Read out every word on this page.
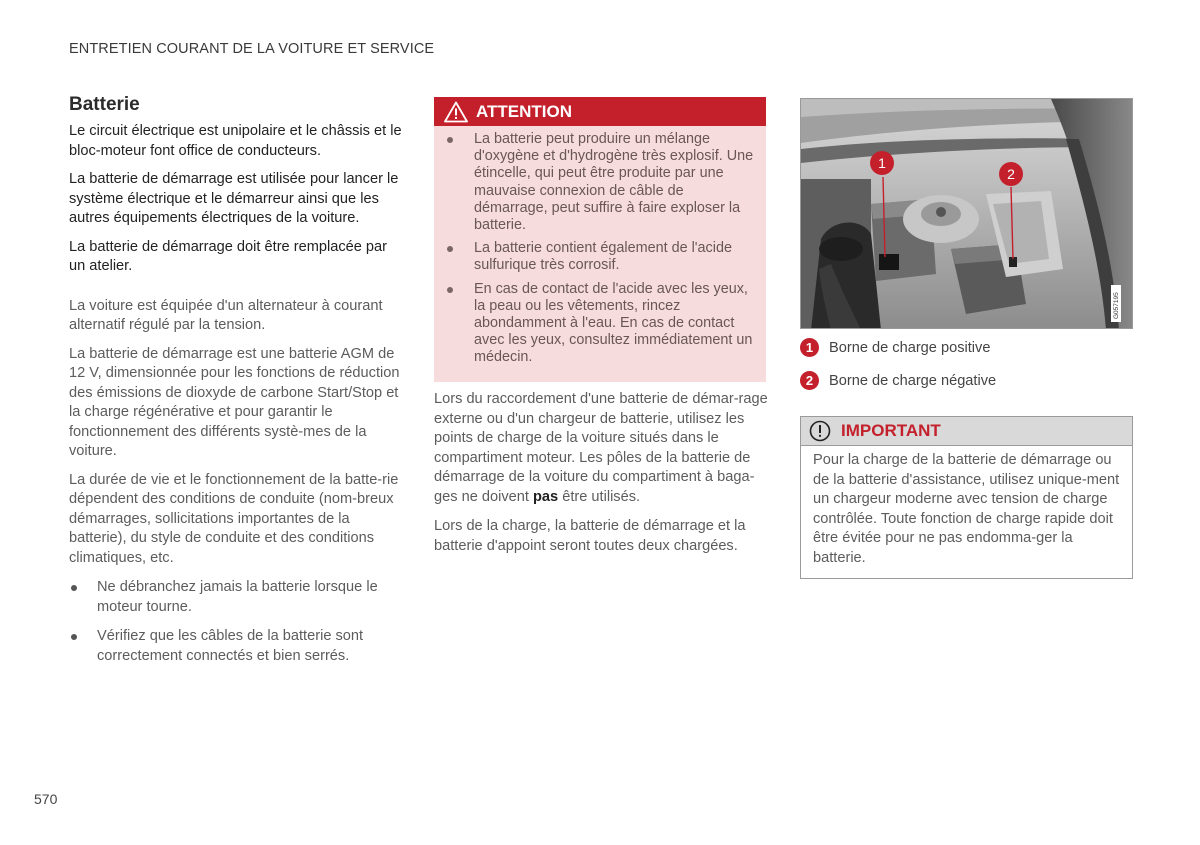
ENTRETIEN COURANT DE LA VOITURE ET SERVICE
Batterie

Le circuit électrique est unipolaire et le châssis et le bloc-moteur font office de conducteurs.

La batterie de démarrage est utilisée pour lancer le système électrique et le démarreur ainsi que les autres équipements électriques de la voiture.

La batterie de démarrage doit être remplacée par un atelier.

La voiture est équipée d'un alternateur à courant alternatif régulé par la tension.

La batterie de démarrage est une batterie AGM de 12 V, dimensionnée pour les fonctions de réduction des émissions de dioxyde de carbone Start/Stop et la charge régénérative et pour garantir le fonctionnement des différents systè-mes de la voiture.

La durée de vie et le fonctionnement de la batte-rie dépendent des conditions de conduite (nom-breux démarrages, sollicitations importantes de la batterie), du style de conduite et des conditions climatiques, etc.

Ne débranchez jamais la batterie lorsque le moteur tourne.
Vérifiez que les câbles de la batterie sont correctement connectés et bien serrés.
ATTENTION
La batterie peut produire un mélange d'oxygène et d'hydrogène très explosif. Une étincelle, qui peut être produite par une mauvaise connexion de câble de démarrage, peut suffire à faire exploser la batterie.
La batterie contient également de l'acide sulfurique très corrosif.
En cas de contact de l'acide avec les yeux, la peau ou les vêtements, rincez abondamment à l'eau. En cas de contact avec les yeux, consultez immédiatement un médecin.

Lors du raccordement d'une batterie de démar-rage externe ou d'un chargeur de batterie, utilisez les points de charge de la voiture situés dans le compartiment moteur. Les pôles de la batterie de démarrage de la voiture du compartiment à baga-ges ne doivent pas être utilisés.

Lors de la charge, la batterie de démarrage et la batterie d'appoint seront toutes deux chargées.

1
2
G057195
1	Borne de charge positive
2	Borne de charge négative
IMPORTANT

Pour la charge de la batterie de démarrage ou de la batterie d'assistance, utilisez unique-ment un chargeur moderne avec tension de charge contrôlée. Toute fonction de charge rapide doit être évitée pour ne pas endomma-ger la batterie.

570
